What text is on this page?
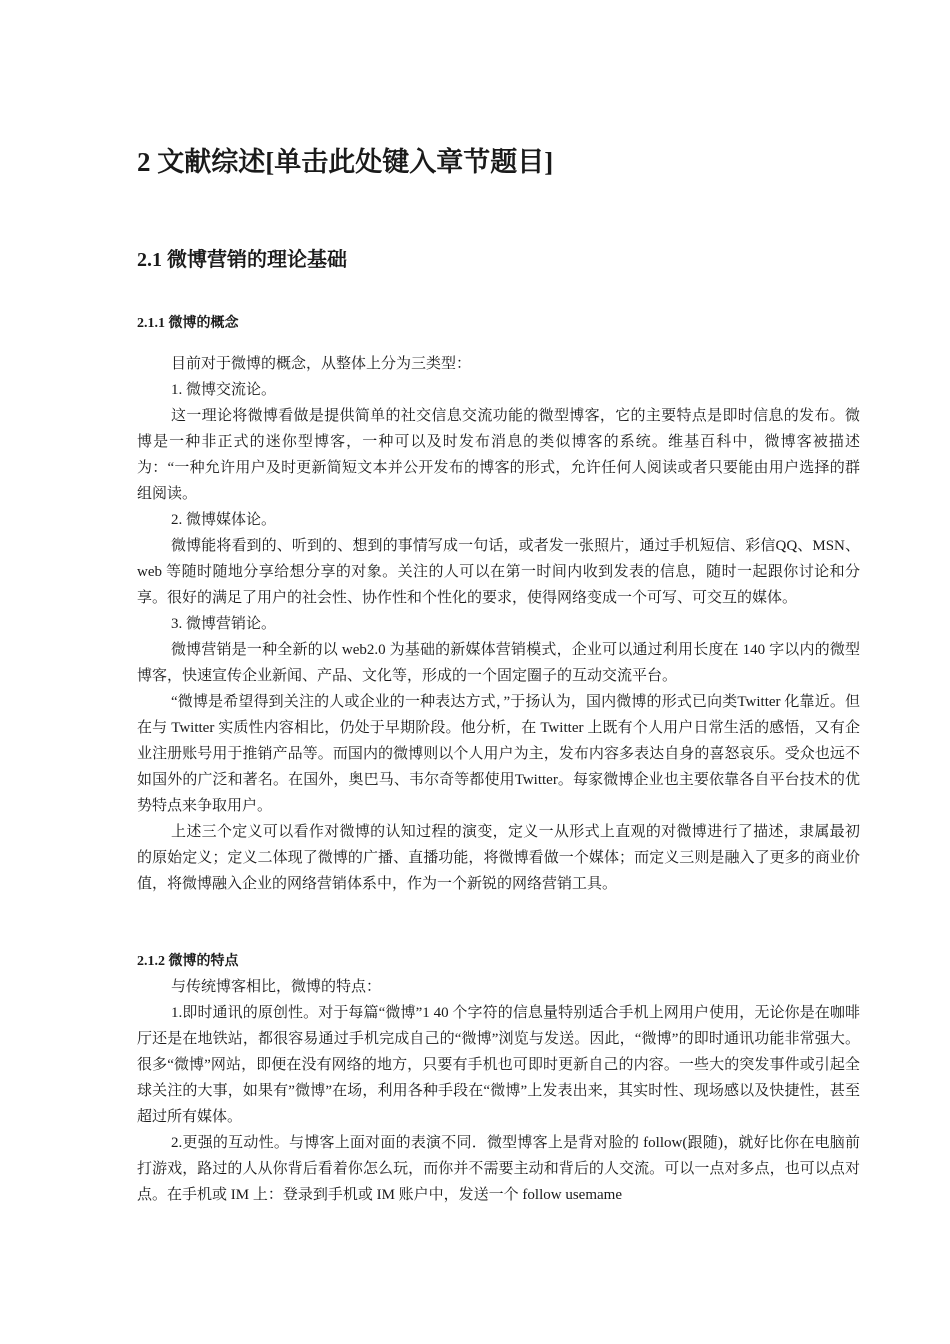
2 文献综述[单击此处键入章节题目]
2.1 微博营销的理论基础
2.1.1 微博的概念

目前对于微博的概念，从整体上分为三类型：

1. 微博交流论。

这一理论将微博看做是提供简单的社交信息交流功能的微型博客，它的主要特点是即时信息的发布。微博是一种非正式的迷你型博客，一种可以及时发布消息的类似博客的系统。维基百科中，微博客被描述为：“一种允许用户及时更新简短文本并公开发布的博客的形式，允许任何人阅读或者只要能由用户选择的群组阅读。

2. 微博媒体论。

微博能将看到的、听到的、想到的事情写成一句话，或者发一张照片，通过手机短信、彩信QQ、MSN、web 等随时随地分享给想分享的对象。关注的人可以在第一时间内收到发表的信息，随时一起跟你讨论和分享。很好的满足了用户的社会性、协作性和个性化的要求，使得网络变成一个可写、可交互的媒体。

3. 微博营销论。

微博营销是一种全新的以 web2.0 为基础的新媒体营销模式，企业可以通过利用长度在 140 字以内的微型博客，快速宣传企业新闻、产品、文化等，形成的一个固定圈子的互动交流平台。

“微博是希望得到关注的人或企业的一种表达方式，”于扬认为，国内微博的形式已向类Twitter 化靠近。但在与 Twitter 实质性内容相比，仍处于早期阶段。他分析，在 Twitter 上既有个人用户日常生活的感悟，又有企业注册账号用于推销产品等。而国内的微博则以个人用户为主，发布内容多表达自身的喜怒哀乐。受众也远不如国外的广泛和著名。在国外，奥巴马、韦尔奇等都使用Twitter。每家微博企业也主要依靠各自平台技术的优势特点来争取用户。

上述三个定义可以看作对微博的认知过程的演变，定义一从形式上直观的对微博进行了描述，隶属最初的原始定义；定义二体现了微博的广播、直播功能，将微博看做一个媒体；而定义三则是融入了更多的商业价值，将微博融入企业的网络营销体系中，作为一个新锐的网络营销工具。

2.1.2 微博的特点

与传统博客相比，微博的特点：

1.即时通讯的原创性。对于每篇“微博”1 40 个字符的信息量特别适合手机上网用户使用，无论你是在咖啡厅还是在地铁站，都很容易通过手机完成自己的“微博”浏览与发送。因此，“微博”的即时通讯功能非常强大。很多“微博”网站，即便在没有网络的地方，只要有手机也可即时更新自己的内容。一些大的突发事件或引起全球关注的大事，如果有”微博”在场，利用各种手段在“微博”上发表出来，其实时性、现场感以及快捷性，甚至超过所有媒体。

2.更强的互动性。与博客上面对面的表演不同．微型博客上是背对脸的 follow(跟随)，就好比你在电脑前打游戏，路过的人从你背后看着你怎么玩，而你并不需要主动和背后的人交流。可以一点对多点，也可以点对点。在手机或 IM 上：登录到手机或 IM 账户中，发送一个 follow usemame
